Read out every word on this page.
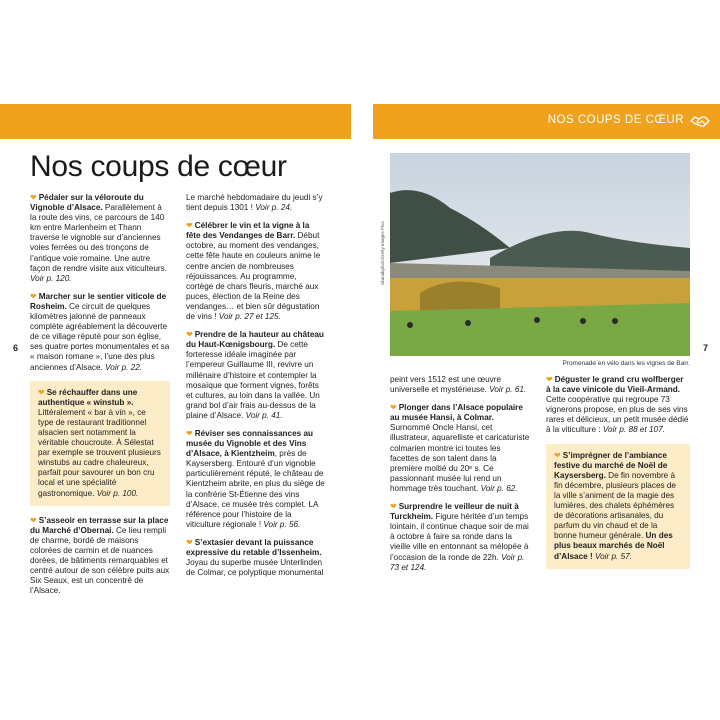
NOS COUPS DE CŒUR
6	7
Nos coups de cœur

❤ Pédaler sur la véloroute du Vignoble d’Alsace. Parallèlement à la route des vins, ce parcours de 140 km entre Marlenheim et Thann traverse le vignoble sur d’anciennes voies ferrées ou des tronçons de l’antique voie romaine. Une autre façon de rendre visite aux viticulteurs. Voir p. 120.

❤ Marcher sur le sentier viticole de Rosheim. Ce circuit de quelques kilomètres jalonné de panneaux complète agréablement la découverte de ce village réputé pour son église, ses quatre portes monumentales et sa « maison romane », l’une des plus anciennes d’Alsace. Voir p. 22.

❤ Se réchauffer dans une authentique « winstub ». Littéralement « bar à vin », ce type de restaurant traditionnel alsacien sert notamment la véritable choucroute. À Sélestat par exemple se trouvent plusieurs winstubs au cadre chaleureux, parfait pour savourer un bon cru local et une spécialité gastronomique. Voir p. 100.

❤ S’asseoir en terrasse sur la place du Marché d’Obernai. Ce lieu rempli de charme, bordé de maisons colorées de carmin et de nuances dorées, de bâtiments remarquables et centré autour de son célèbre puits aux Six Seaux, est un concentré de l’Alsace.

Le marché hebdomadaire du jeudi s’y tient depuis 1301 ! Voir p. 24.

❤ Célébrer le vin et la vigne à la fête des Vendanges de Barr. Début octobre, au moment des vendanges, cette fête haute en couleurs anime le centre ancien de nombreuses réjouissances. Au programme, cortège de chars fleuris, marché aux puces, élection de la Reine des vendanges… et bien sûr dégustation de vins ! Voir p. 27 et 125.

❤ Prendre de la hauteur au château du Haut-Kœnigsbourg. De cette forteresse idéale imaginée par l’empereur Guillaume III, revivre un millénaire d’histoire et contempler la mosaïque que forment vignes, forêts et cultures, au loin dans la vallée. Un grand bol d’air frais au-dessus de la plaine d’Alsace. Voir p. 41.

❤ Réviser ses connaissances au musée du Vignoble et des Vins d’Alsace, à Kientzheim, près de Kaysersberg. Entouré d’un vignoble particulièrement réputé, le château de Kientzheim abrite, en plus du siège de la confrérie St-Étienne des vins d’Alsace, ce musée très complet. LA référence pour l’histoire de la viticulture régionale ! Voir p. 56.

❤ S’extasier devant la puissance expressive du retable d’Issenheim. Joyau du superbe musée Unterlinden de Colmar, ce polyptique monumental

okanakphoto/Getty Images Plus
Promenade en vélo dans les vignes de Barr.

peint vers 1512 est une œuvre universelle et mystérieuse. Voir p. 61.

❤ Plonger dans l’Alsace populaire au musée Hansi, à Colmar. Surnommé Oncle Hansi, cet illustrateur, aquarelliste et caricaturiste colmarien montre ici toutes les facettes de son talent dans la première moitié du 20ᵉ s. Ce passionnant musée lui rend un hommage très touchant. Voir p. 62.

❤ Surprendre le veilleur de nuit à Turckheim. Figure héritée d’un temps lointain, il continue chaque soir de mai à octobre à faire sa ronde dans la vieille ville en entonnant sa mélopée à l’occasion de la ronde de 22h. Voir p. 73 et 124.

❤ Déguster le grand cru wolfberger à la cave vinicole du Vieil-Armand. Cette coopérative qui regroupe 73 vignerons propose, en plus de ses vins rares et délicieux, un petit musée dédié à la viticulture : Voir p. 88 et 107.

❤ S’imprégner de l’ambiance festive du marché de Noël de Kaysersberg. De fin novembre à fin décembre, plusieurs places de la ville s’animent de la magie des lumières, des chalets éphémères de décorations artisanales, du parfum du vin chaud et de la bonne humeur générale. Un des plus beaux marchés de Noël d’Alsace ! Voir p. 57.
